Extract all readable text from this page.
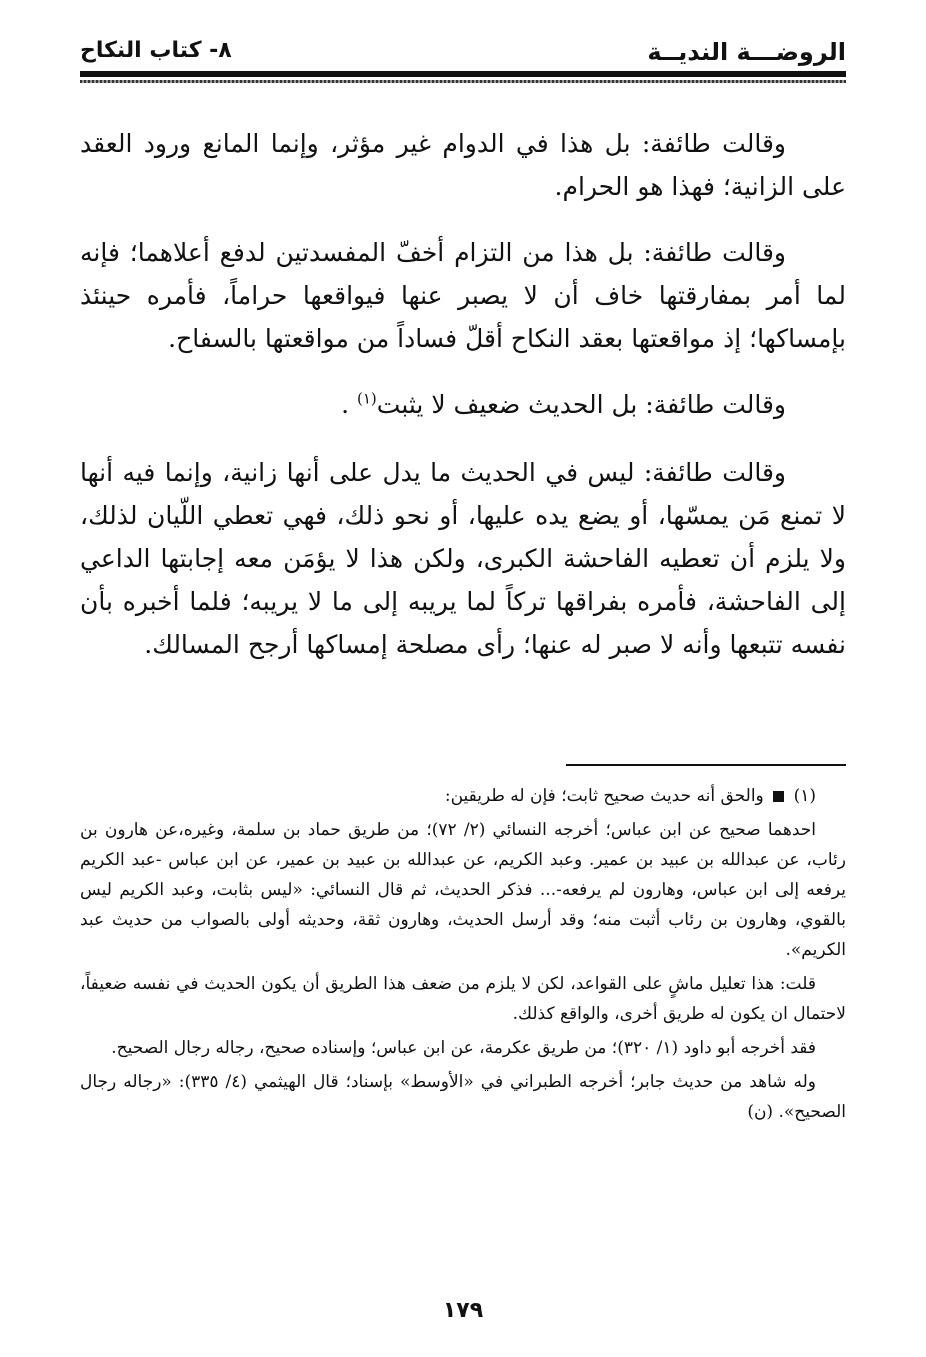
الروضـــة النديــة
٨- كتاب النكاح

وقالت طائفة: بل هذا في الدوام غير مؤثر، وإنما المانع ورود العقد على الزانية؛ فهذا هو الحرام.

وقالت طائفة: بل هذا من التزام أخفّ المفسدتين لدفع أعلاهما؛ فإنه لما أمر بمفارقتها خاف أن لا يصبر عنها فيواقعها حراماً، فأمره حينئذ بإمساكها؛ إذ مواقعتها بعقد النكاح أقلّ فساداً من مواقعتها بالسفاح.

وقالت طائفة: بل الحديث ضعيف لا يثبت$^{(١)}$ .

وقالت طائفة: ليس في الحديث ما يدل على أنها زانية، وإنما فيه أنها لا تمنع مَن يمسّها، أو يضع يده عليها، أو نحو ذلك، فهي تعطي اللّيان لذلك، ولا يلزم أن تعطيه الفاحشة الكبرى، ولكن هذا لا يؤمَن معه إجابتها الداعي إلى الفاحشة، فأمره بفراقها تركاً لما يريبه إلى ما لا يريبه؛ فلما أخبره بأن نفسه تتبعها وأنه لا صبر له عنها؛ رأى مصلحة إمساكها أرجح المسالك.

(١)  والحق أنه حديث صحيح ثابت؛ فإن له طريقين:

احدهما صحيح عن ابن عباس؛ أخرجه النسائي (٢/ ٧٢)؛ من طريق حماد بن سلمة، وغيره،عن هارون بن رئاب، عن عبدالله بن عبيد بن عمير. وعبد الكريم، عن عبدالله بن عبيد بن عمير، عن ابن عباس -عبد الكريم يرفعه إلى ابن عباس، وهارون لم يرفعه-... فذكر الحديث، ثم قال النسائي: «ليس بثابت، وعبد الكريم ليس بالقوي، وهارون بن رئاب أثبت منه؛ وقد أرسل الحديث، وهارون ثقة، وحديثه أولى بالصواب من حديث عبد الكريم».

قلت: هذا تعليل ماشٍ على القواعد، لكن لا يلزم من ضعف هذا الطريق أن يكون الحديث في نفسه ضعيفاً، لاحتمال ان يكون له طريق أخرى، والواقع كذلك.

فقد أخرجه أبو داود (١/ ٣٢٠)؛ من طريق عكرمة، عن ابن عباس؛ وإسناده صحيح، رجاله رجال الصحيح.

وله شاهد من حديث جابر؛ أخرجه الطبراني في «الأوسط» بإسناد؛ قال الهيثمي (٤/ ٣٣٥): «رجاله رجال الصحيح». (ن)

١٧٩
